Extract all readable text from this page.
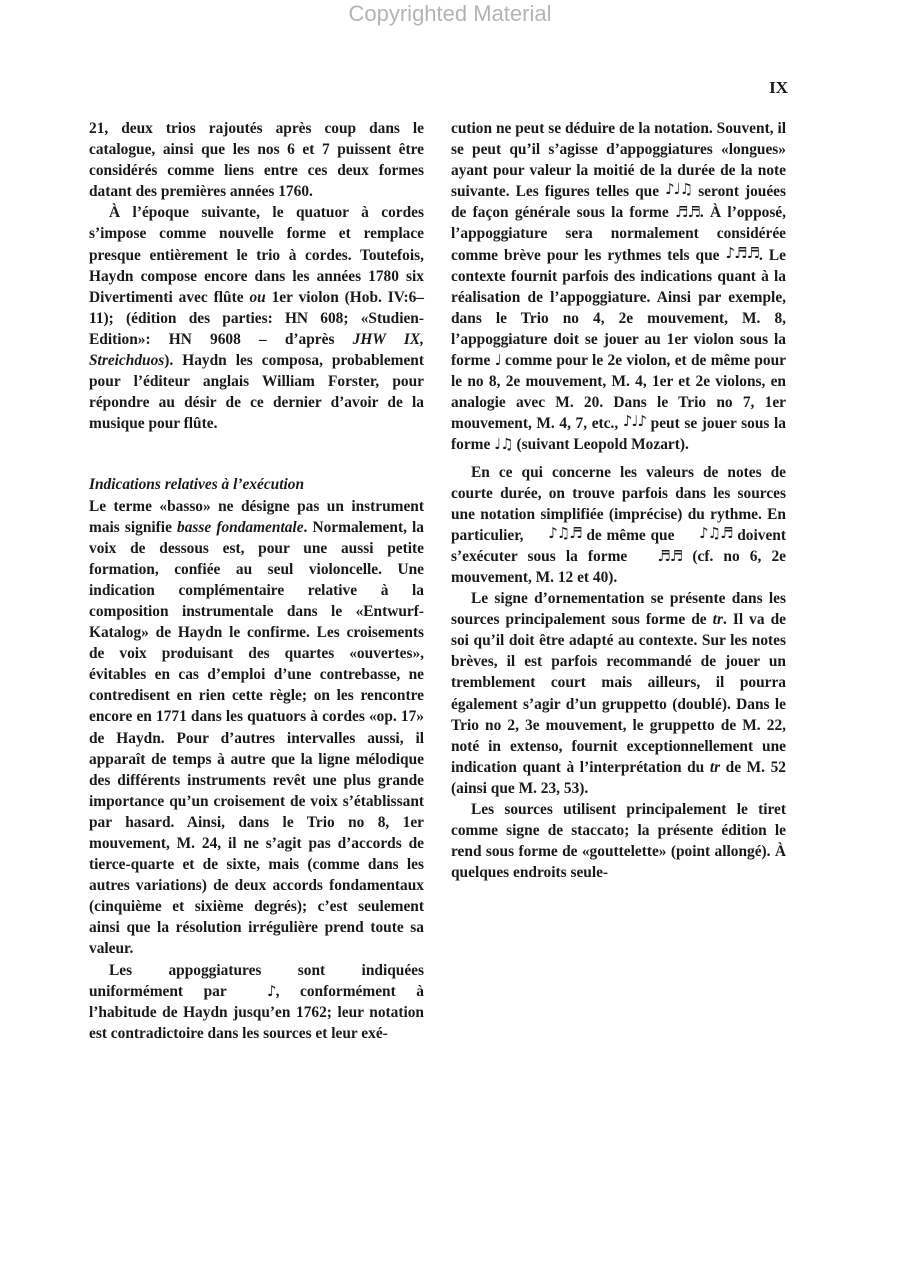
Copyrighted Material
IX

21, deux trios rajoutés après coup dans le catalogue, ainsi que les nos 6 et 7 puissent être considérés comme liens entre ces deux formes datant des premières années 1760.

À l’époque suivante, le quatuor à cordes s’impose comme nouvelle forme et remplace presque entièrement le trio à cordes. Toutefois, Haydn compose encore dans les années 1780 six Divertimenti avec flûte ou 1er violon (Hob. IV:6–11); (édition des parties: HN 608; «Studien-Edition»: HN 9608 – d’après JHW IX, Streichduos). Haydn les composa, probablement pour l’éditeur anglais William Forster, pour répondre au désir de ce dernier d’avoir de la musique pour flûte.

Indications relatives à l’exécution

Le terme «basso» ne désigne pas un instrument mais signifie basse fondamentale. Normalement, la voix de dessous est, pour une aussi petite formation, confiée au seul violoncelle. Une indication complémentaire relative à la composition instrumentale dans le «Entwurf-Katalog» de Haydn le confirme. Les croisements de voix produisant des quartes «ouvertes», évitables en cas d’emploi d’une contrebasse, ne contredisent en rien cette règle; on les rencontre encore en 1771 dans les quatuors à cordes «op. 17» de Haydn. Pour d’autres intervalles aussi, il apparaît de temps à autre que la ligne mélodique des différents instruments revêt une plus grande importance qu’un croisement de voix s’établissant par hasard. Ainsi, dans le Trio no 8, 1er mouvement, M. 24, il ne s’agit pas d’accords de tierce-quarte et de sixte, mais (comme dans les autres variations) de deux accords fondamentaux (cinquième et sixième degrés); c’est seulement ainsi que la résolution irrégulière prend toute sa valeur.

Les appoggiatures sont indiquées uniformément par ♪, conformément à l’habitude de Haydn jusqu’en 1762; leur notation est contradictoire dans les sources et leur exé-

cution ne peut se déduire de la notation. Souvent, il se peut qu’il s’agisse d’appoggiatures «longues» ayant pour valeur la moitié de la durée de la note suivante. Les figures telles que ♪♩♫ seront jouées de façon générale sous la forme ♬♬. À l’opposé, l’appoggiature sera normalement considérée comme brève pour les rythmes tels que ♪♬♬. Le contexte fournit parfois des indications quant à la réalisation de l’appoggiature. Ainsi par exemple, dans le Trio no 4, 2e mouvement, M. 8, l’appoggiature doit se jouer au 1er violon sous la forme ♩ comme pour le 2e violon, et de même pour le no 8, 2e mouvement, M. 4, 1er et 2e violons, en analogie avec M. 20. Dans le Trio no 7, 1er mouvement, M. 4, 7, etc., ♪♩♪ peut se jouer sous la forme ♩♫ (suivant Leopold Mozart).

En ce qui concerne les valeurs de notes de courte durée, on trouve parfois dans les sources une notation simplifiée (imprécise) du rythme. En particulier, ♪♫♬ de même que ♪♫♬ doivent s’exécuter sous la forme ♬♬ (cf. no 6, 2e mouvement, M. 12 et 40).

Le signe d’ornementation se présente dans les sources principalement sous forme de tr. Il va de soi qu’il doit être adapté au contexte. Sur les notes brèves, il est parfois recommandé de jouer un tremblement court mais ailleurs, il pourra également s’agir d’un gruppetto (doublé). Dans le Trio no 2, 3e mouvement, le gruppetto de M. 22, noté in extenso, fournit exceptionnellement une indication quant à l’interprétation du tr de M. 52 (ainsi que M. 23, 53).

Les sources utilisent principalement le tiret comme signe de staccato; la présente édition le rend sous forme de «gouttelette» (point allongé). À quelques endroits seule-
